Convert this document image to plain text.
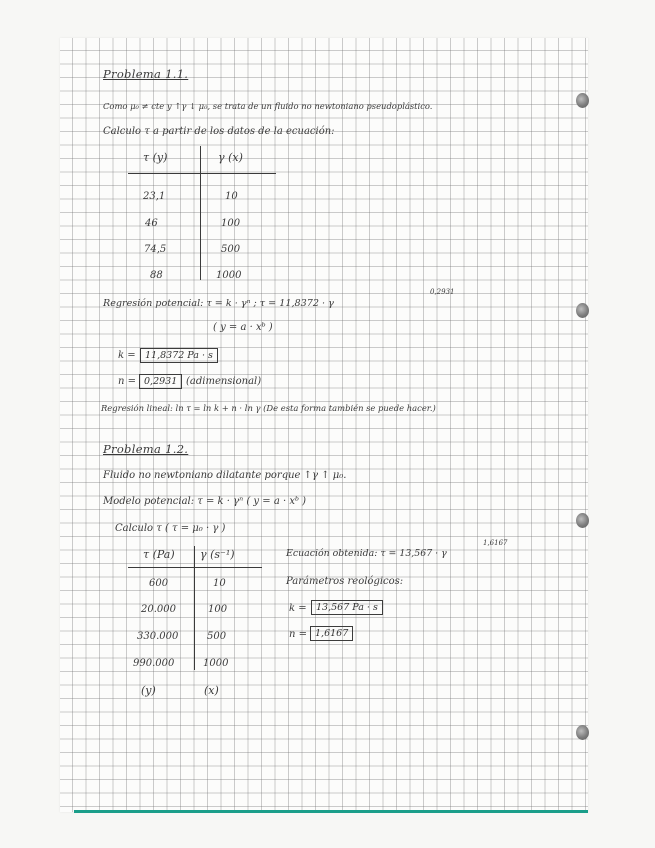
Problema 1.1.
Como μ₀ ≠ cte y ↑γ ↓ μ₀, se trata de un fluido no newtoniano pseudoplástico.
Calculo τ a partir de los datos de la ecuación:
τ (y)	γ (x)
23,1	10
46	100
74,5	500
88	1000
Regresión potencial: τ = k · γⁿ ; τ = 11,8372 · γ
0,2931
( y = a · xᵇ )
k = 11,8372 Pa · s
n = 0,2931 (adimensional)
Regresión lineal: ln τ = ln k + n · ln γ (De esta forma también se puede hacer.)
Problema 1.2.
Fluido no newtoniano dilatante porque ↑γ ↑ μ₀.
Modelo potencial: τ = k · γⁿ ( y = a · xᵇ )
Calculo τ ( τ = μ₀ · γ )
τ (Pa) γ (s⁻¹)
600	10
20.000	100
330.000	500
990.000	1000
(y)	(x)
Ecuación obtenida: τ = 13,567 · γ
1,6167
Parámetros reológicos:
k = 13,567 Pa · s
n = 1,6167
